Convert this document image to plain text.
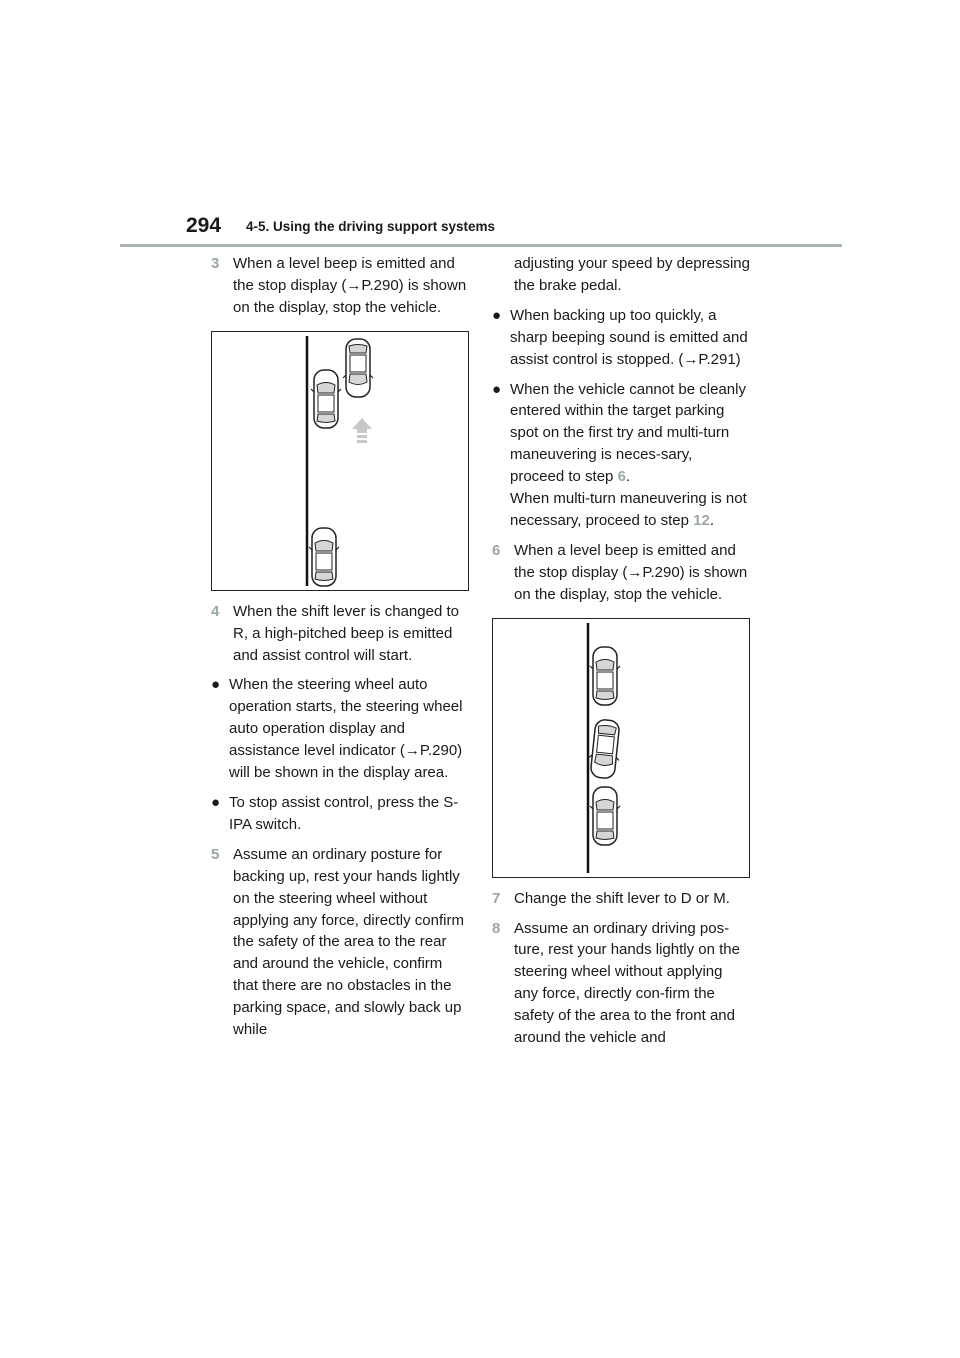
294 4-5. Using the driving support systems
3 When a level beep is emitted and the stop display (→P.290) is shown on the display, stop the vehicle.
4 When the shift lever is changed to R, a high-pitched beep is emitted and assist control will start.
● When the steering wheel auto operation starts, the steering wheel auto operation display and assistance level indicator (→P.290) will be shown in the display area.
● To stop assist control, press the S-IPA switch.
5 Assume an ordinary posture for backing up, rest your hands lightly on the steering wheel without applying any force, directly confirm the safety of the area to the rear and around the vehicle, confirm that there are no obstacles in the parking space, and slowly back up while
adjusting your speed by depressing the brake pedal.
● When backing up too quickly, a sharp beeping sound is emitted and assist control is stopped. (→P.291)
● When the vehicle cannot be cleanly entered within the target parking spot on the first try and multi-turn maneuvering is neces-sary, proceed to step 6.
When multi-turn maneuvering is not necessary, proceed to step 12.
6 When a level beep is emitted and the stop display (→P.290) is shown on the display, stop the vehicle.
7 Change the shift lever to D or M.
8 Assume an ordinary driving pos-ture, rest your hands lightly on the steering wheel without applying any force, directly con-firm the safety of the area to the front and around the vehicle and
